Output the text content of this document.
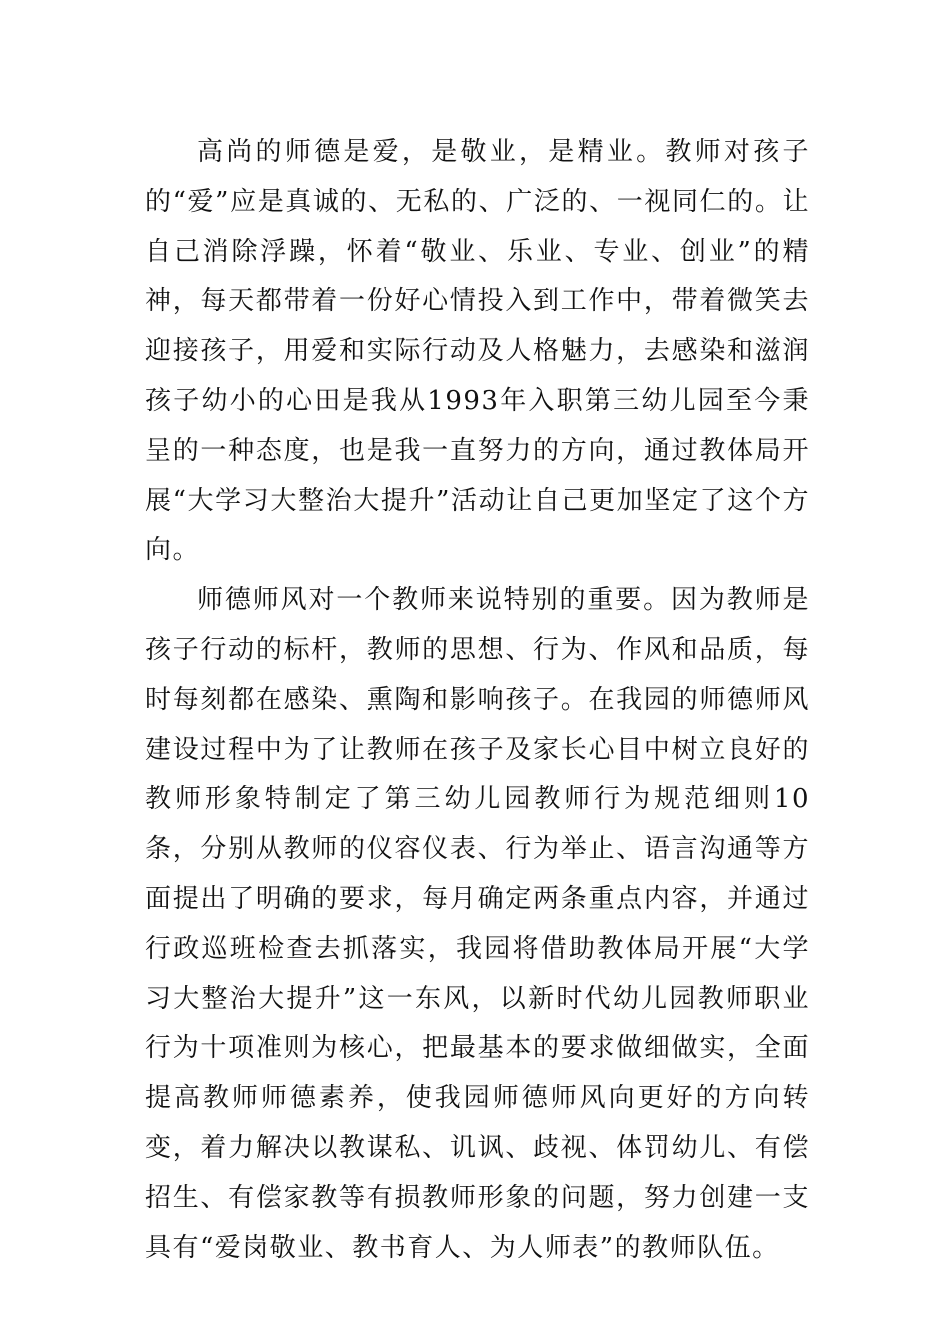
高尚的师德是爱，是敬业，是精业。教师对孩子的“爱”应是真诚的、无私的、广泛的、一视同仁的。让自己消除浮躁，怀着“敬业、乐业、专业、创业”的精神，每天都带着一份好心情投入到工作中，带着微笑去迎接孩子，用爱和实际行动及人格魅力，去感染和滋润孩子幼小的心田是我从1993年入职第三幼儿园至今秉呈的一种态度，也是我一直努力的方向，通过教体局开展“大学习大整治大提升”活动让自己更加坚定了这个方向。

师德师风对一个教师来说特别的重要。因为教师是孩子行动的标杆，教师的思想、行为、作风和品质，每时每刻都在感染、熏陶和影响孩子。在我园的师德师风建设过程中为了让教师在孩子及家长心目中树立良好的教师形象特制定了第三幼儿园教师行为规范细则10条，分别从教师的仪容仪表、行为举止、语言沟通等方面提出了明确的要求，每月确定两条重点内容，并通过行政巡班检查去抓落实，我园将借助教体局开展“大学习大整治大提升”这一东风，以新时代幼儿园教师职业行为十项准则为核心，把最基本的要求做细做实，全面提高教师师德素养，使我园师德师风向更好的方向转变，着力解决以教谋私、讥讽、歧视、体罚幼儿、有偿招生、有偿家教等有损教师形象的问题，努力创建一支具有“爱岗敬业、教书育人、为人师表”的教师队伍。
